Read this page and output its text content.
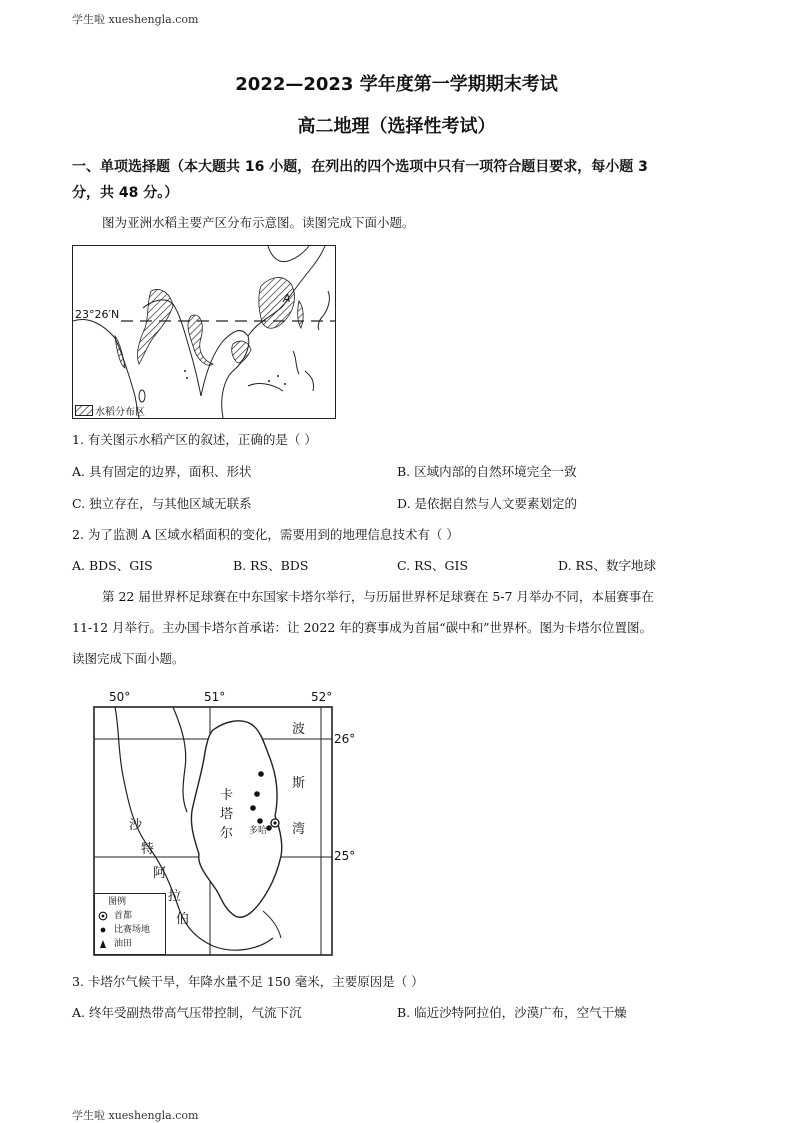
学生啦 xueshengla.com
学生啦 xueshengla.com
2022—2023 学年度第一学期期末考试
高二地理（选择性考试）
一、单项选择题（本大题共 16 小题，在列出的四个选项中只有一项符合题目要求，每小题 3
分，共 48 分。）
图为亚洲水稻主要产区分布示意图。读图完成下面小题。
23°26′N
A
水稻分布区
1. 有关图示水稻产区的叙述，正确的是（ ）
A. 具有固定的边界，面积、形状	B. 区域内部的自然环境完全一致
C. 独立存在，与其他区域无联系	D. 是依据自然与人文要素划定的
2. 为了监测 A 区域水稻面积的变化，需要用到的地理信息技术有（ ）
A. BDS、GIS	B. RS、BDS	C. RS、GIS	D. RS、数字地球
第 22 届世界杯足球赛在中东国家卡塔尔举行，与历届世界杯足球赛在 5-7 月举办不同，本届赛事在
11-12 月举行。主办国卡塔尔首承诺：让 2022 年的赛事成为首届“碳中和”世界杯。图为卡塔尔位置图。
读图完成下面小题。
50°	51°	52°
26°
25°
波
斯
湾
卡
塔
尔
沙
特
阿
拉
伯
多哈
图例
首都
比赛场地
油田
3. 卡塔尔气候干旱，年降水量不足 150 毫米，主要原因是（ ）
A. 终年受副热带高气压带控制，气流下沉	B. 临近沙特阿拉伯，沙漠广布，空气干燥
